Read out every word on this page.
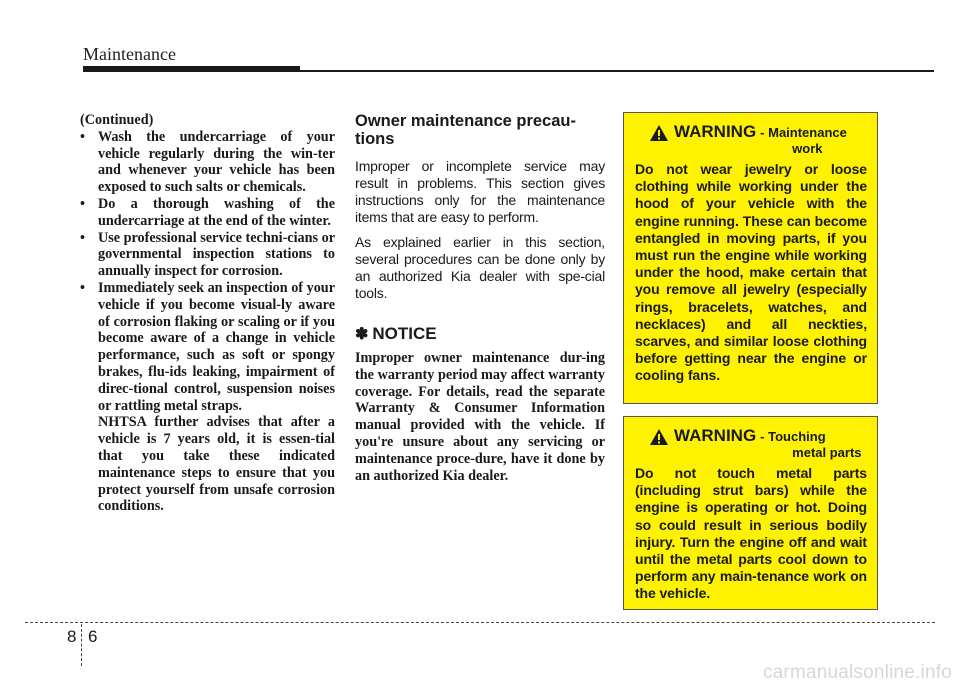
Maintenance
(Continued)
• Wash the undercarriage of your vehicle regularly during the win-ter and whenever your vehicle has been exposed to such salts or chemicals.
• Do a thorough washing of the undercarriage at the end of the winter.
• Use professional service techni-cians or governmental inspection stations to annually inspect for corrosion.
• Immediately seek an inspection of your vehicle if you become visual-ly aware of corrosion flaking or scaling or if you become aware of a change in vehicle performance, such as soft or spongy brakes, flu-ids leaking, impairment of direc-tional control, suspension noises or rattling metal straps.
NHTSA further advises that after a vehicle is 7 years old, it is essen-tial that you take these indicated maintenance steps to ensure that you protect yourself from unsafe corrosion conditions.
Owner maintenance precau-tions

Improper or incomplete service may result in problems. This section gives instructions only for the maintenance items that are easy to perform.

As explained earlier in this section, several procedures can be done only by an authorized Kia dealer with spe-cial tools.

✽ NOTICE

Improper owner maintenance dur-ing the warranty period may affect warranty coverage. For details, read the separate Warranty & Consumer Information manual provided with the vehicle. If you're unsure about any servicing or maintenance proce-dure, have it done by an authorized Kia dealer.

WARNING - Maintenance
work
Do not wear jewelry or loose clothing while working under the hood of your vehicle with the engine running. These can become entangled in moving parts, if you must run the engine while working under the hood, make certain that you remove all jewelry (especially rings, bracelets, watches, and necklaces) and all neckties, scarves, and similar loose clothing before getting near the engine or cooling fans.
WARNING - Touching
metal parts
Do not touch metal parts (including strut bars) while the engine is operating or hot. Doing so could result in serious bodily injury. Turn the engine off and wait until the metal parts cool down to perform any main-tenance work on the vehicle.
8 6
carmanualsonline.info
